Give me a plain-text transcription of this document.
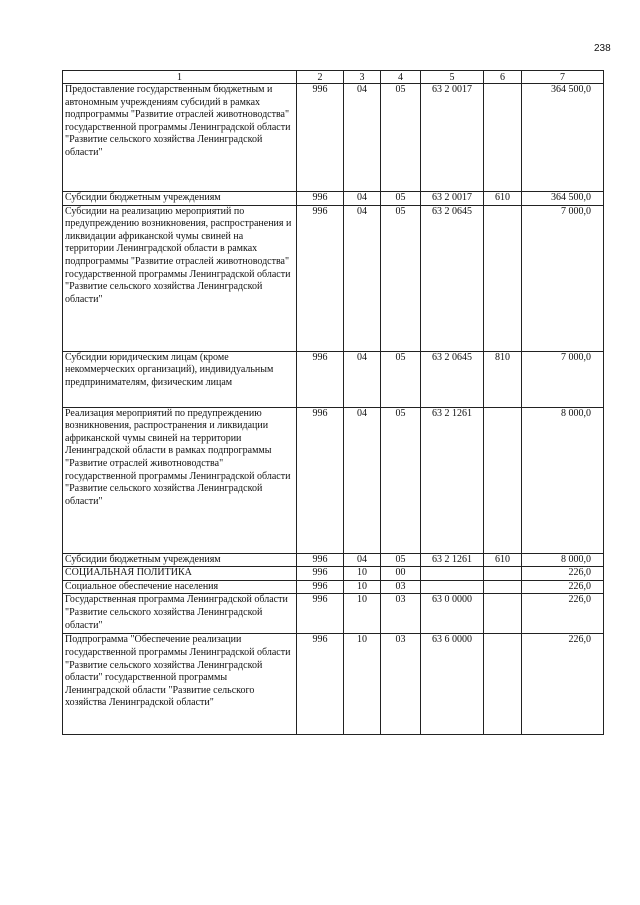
238
1	2	3	4	5	6	7
Предоставление государственным бюджетным и автономным учреждениям субсидий в рамках подпрограммы "Развитие отраслей животноводства" государственной программы Ленинградской области "Развитие сельского хозяйства Ленинградской области"	996	04	05	63 2 0017		364 500,0
Субсидии бюджетным учреждениям	996	04	05	63 2 0017	610	364 500,0
Субсидии на реализацию мероприятий по предупреждению возникновения, распространения и ликвидации африканской чумы свиней на территории Ленинградской области в рамках подпрограммы "Развитие отраслей животноводства" государственной программы Ленинградской области "Развитие сельского хозяйства Ленинградской области"	996	04	05	63 2 0645		7 000,0
Субсидии юридическим лицам (кроме некоммерческих организаций), индивидуальным предпринимателям, физическим лицам	996	04	05	63 2 0645	810	7 000,0
Реализация мероприятий по предупреждению возникновения, распространения и ликвидации африканской чумы свиней на территории Ленинградской области в рамках подпрограммы "Развитие отраслей животноводства" государственной программы Ленинградской области "Развитие сельского хозяйства Ленинградской области"	996	04	05	63 2 1261		8 000,0
Субсидии бюджетным учреждениям	996	04	05	63 2 1261	610	8 000,0
СОЦИАЛЬНАЯ ПОЛИТИКА	996	10	00			226,0
Социальное обеспечение населения	996	10	03			226,0
Государственная программа Ленинградской области "Развитие сельского хозяйства Ленинградской области"	996	10	03	63 0 0000		226,0
Подпрограмма "Обеспечение реализации государственной программы Ленинградской области "Развитие сельского хозяйства Ленинградской области" государственной программы Ленинградской области "Развитие сельского хозяйства Ленинградской области"	996	10	03	63 6 0000		226,0
